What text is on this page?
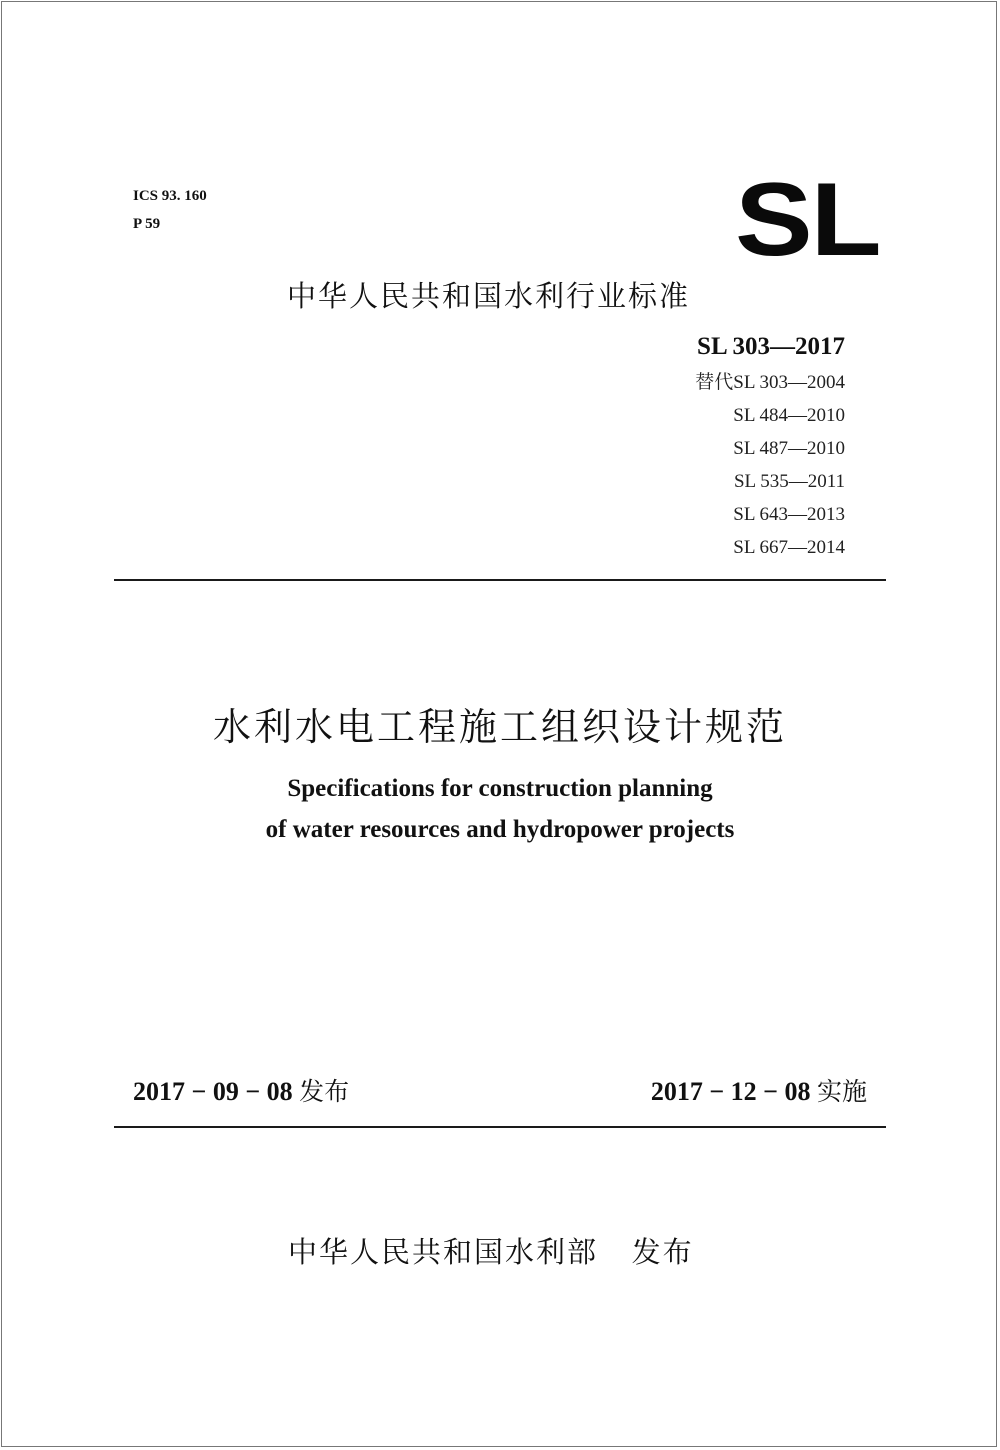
ICS 93. 160
P 59	SL
中华人民共和国水利行业标准
SL 303—2017
替代SL 303—2004
SL 484—2010
SL 487—2010
SL 535—2011
SL 643—2013
SL 667—2014
水利水电工程施工组织设计规范
Specifications for construction planning
of water resources and hydropower projects
2017 − 09 − 08 发布	2017 − 12 − 08 实施
中华人民共和国水利部 发布
